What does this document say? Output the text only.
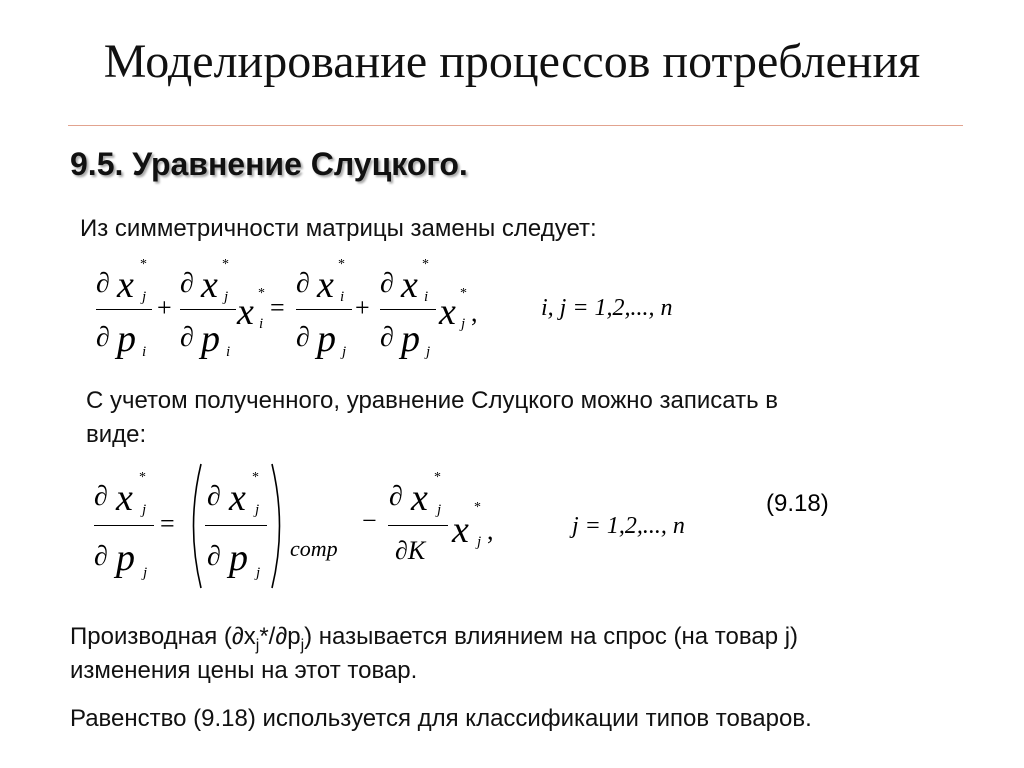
Моделирование процессов потребления
9.5. Уравнение Слуцкого.
Из симметричности матрицы замены следует:
∂ x *
j
∂ p i
+
∂ x *
j
∂ p i
x *
i
=
∂ x *
i
∂ p j
+
∂ x *
i
∂ p j
x *
j ,	i, j = 1,2,..., n
С учетом полученного, уравнение Слуцкого можно записать в
виде:
∂ x *
j
∂ p j
=
∂ x *
j
∂ p j
comp
−
∂ x *
j
∂K x
*
j ,	j = 1,2,..., n
(9.18)
Производная $(\partial x_j*/\partial p_j)$ называется влиянием на спрос (на товар j)
изменения цены на этот товар.
Равенство (9.18) используется для классификации типов товаров.
